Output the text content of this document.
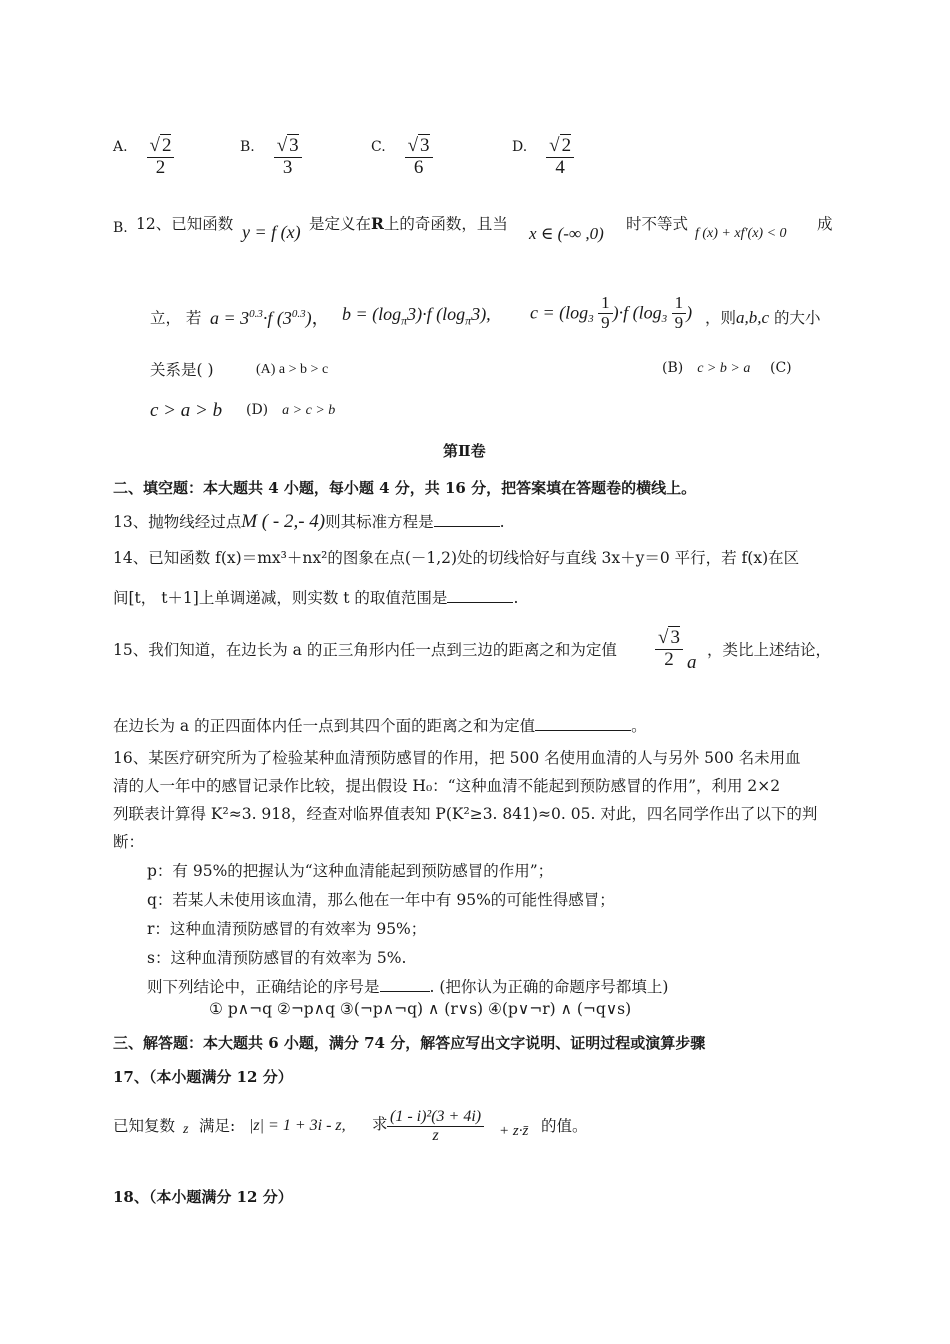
A. $\frac{√ 2}{2}$	B. $\frac{√ 3}{3}$	C. $\frac{√ 3}{6}$	D. $\frac{√ 2}{4}$
B. 12、已知函数 y = f (x) 是定义在R上的奇函数，且当 x ∈ (-∞ ,0) 时不等式
f (x) + xf′(x) < 0
成
立， 若 $a = 3^{0.3}\cdot f$ $(3^{0.3})$， $b = (\log_\pi 3)\cdot f$ $(\log_\pi 3)$, $c = (\log_3 \frac{1}{9} )\cdot f$ ($\log_3 \frac{1}{9}$ ) ，则a,b,c 的大小
关系是( )	(A) a > b > c	(B) c > b > a (C)
c > a > b (D) a > c > b
第Ⅱ卷
二、填空题：本大题共 4 小题，每小题 4 分，共 16 分，把答案填在答题卷的横线上。
13、抛物线经过点M ( - 2,- 4)则其标准方程是	.
14、已知函数 f(x)＝mx³＋nx²的图象在点(－1,2)处的切线恰好与直线 3x＋y＝0 平行，若 f(x)在区
间[t， t＋1]上单调递减，则实数 t 的取值范围是	.
15、我们知道，在边长为 a 的正三角形内任一点到三边的距离之和为定值
√ 3
2 a
，类比上述结论，
在边长为 a 的正四面体内任一点到其四个面的距离之和为定值	。
16、某医疗研究所为了检验某种血清预防感冒的作用，把 500 名使用血清的人与另外 500 名未用血
清的人一年中的感冒记录作比较，提出假设 H₀：“这种血清不能起到预防感冒的作用”，利用 2×2
列联表计算得 K²≈3. 918，经查对临界值表知 P(K²≥3. 841)≈0. 05. 对此，四名同学作出了以下的判
断：
p：有 95%的把握认为“这种血清能起到预防感冒的作用”；
q：若某人未使用该血清，那么他在一年中有 95%的可能性得感冒；
r：这种血清预防感冒的有效率为 95%；
s：这种血清预防感冒的有效率为 5%.
则下列结论中，正确结论的序号是	. (把你认为正确的命题序号都填上)
① p∧¬q ②¬p∧q ③(¬p∧¬q) ∧ (r∨s) ④(p∨¬r) ∧ (¬q∨s)
三、解答题：本大题共 6 小题，满分 74 分，解答应写出文字说明、证明过程或演算步骤
17、（本小题满分 12 分）
已知复数 z 满足: |z| = 1 + 3i - z, 求 (1 - i)²(3 + 4i)
z	+ z·z̄ 的值。
18、（本小题满分 12 分）
